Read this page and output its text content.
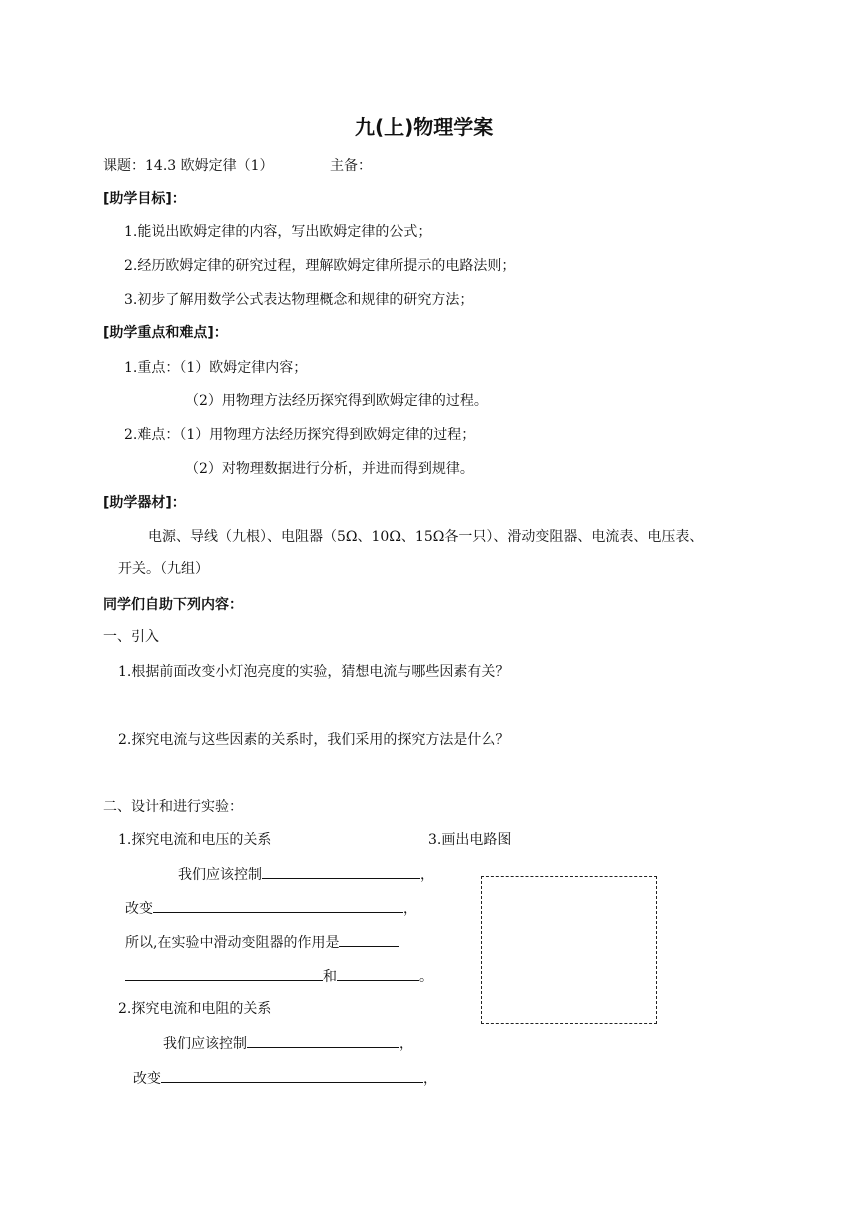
九(上)物理学案
课题：14.3 欧姆定律（1）	主备：
[助学目标]：
1.能说出欧姆定律的内容，写出欧姆定律的公式；
2.经历欧姆定律的研究过程，理解欧姆定律所提示的电路法则；
3.初步了解用数学公式表达物理概念和规律的研究方法；
[助学重点和难点]：
1.重点：（1）欧姆定律内容；
（2）用物理方法经历探究得到欧姆定律的过程。
2.难点：（1）用物理方法经历探究得到欧姆定律的过程；
（2）对物理数据进行分析，并进而得到规律。
[助学器材]：
电源、导线（九根）、电阻器（5Ω、10Ω、15Ω各一只）、滑动变阻器、电流表、电压表、
开关。（九组）
同学们自助下列内容：
一、引入
1.根据前面改变小灯泡亮度的实验，猜想电流与哪些因素有关？
2.探究电流与这些因素的关系时，我们采用的探究方法是什么？
二、设计和进行实验：
1.探究电流和电压的关系	3.画出电路图
我们应该控制	，
改变	，
所以,在实验中滑动变阻器的作用是
和	。
2.探究电流和电阻的关系
我们应该控制	，
改变	，
